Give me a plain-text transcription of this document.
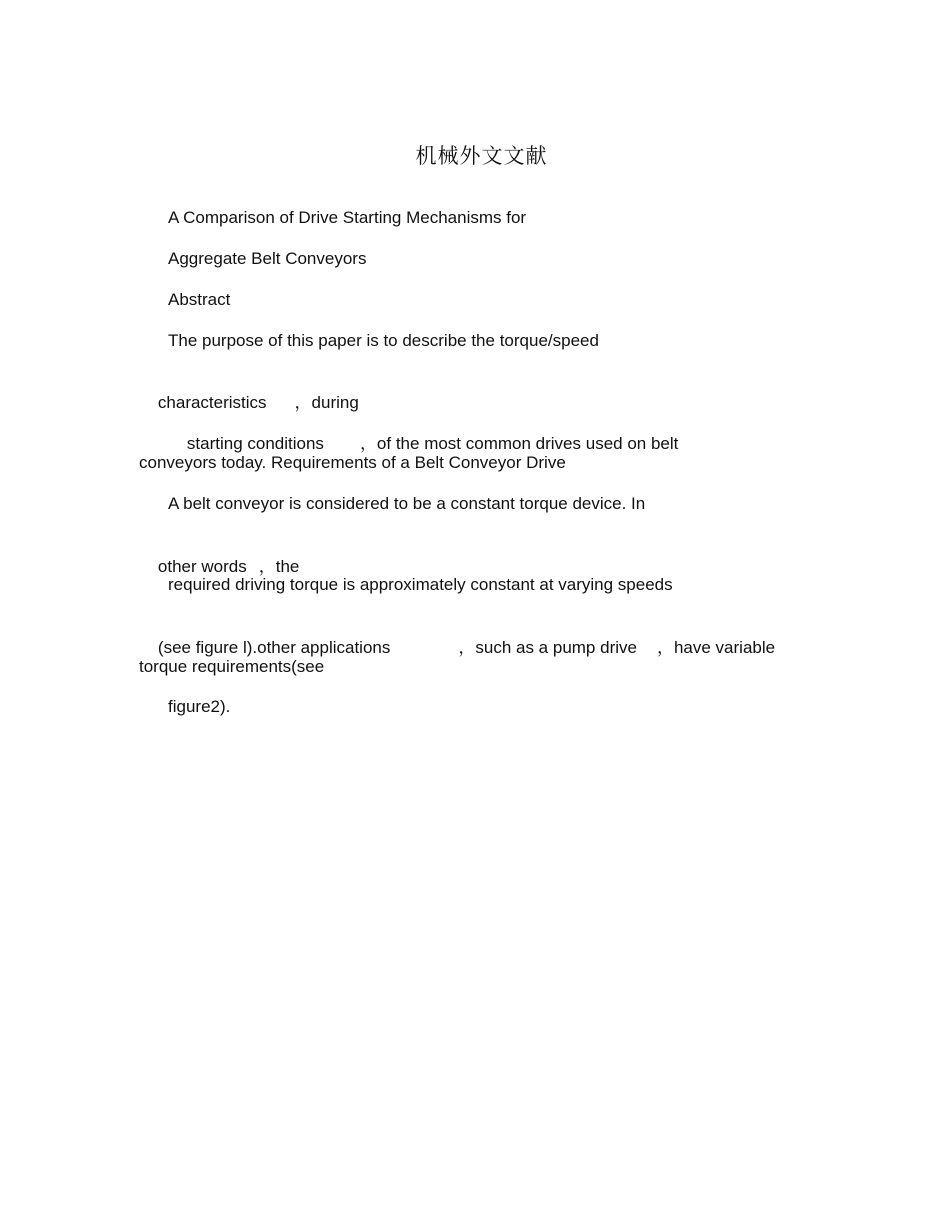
机械外文文献
A Comparison of Drive Starting Mechanisms for
Aggregate Belt Conveyors
Abstract
The purpose of this paper is to describe the torque/speed

characteristics ，during

starting conditions ，of the most common drives used on belt

conveyors today. Requirements of a Belt Conveyor Drive
A belt conveyor is considered to be a constant torque device. In

other words ，the

required driving torque is approximately constant at varying speeds

(see figure l).other applications	，such as a pump drive ，have variable

torque requirements(see
figure2).
